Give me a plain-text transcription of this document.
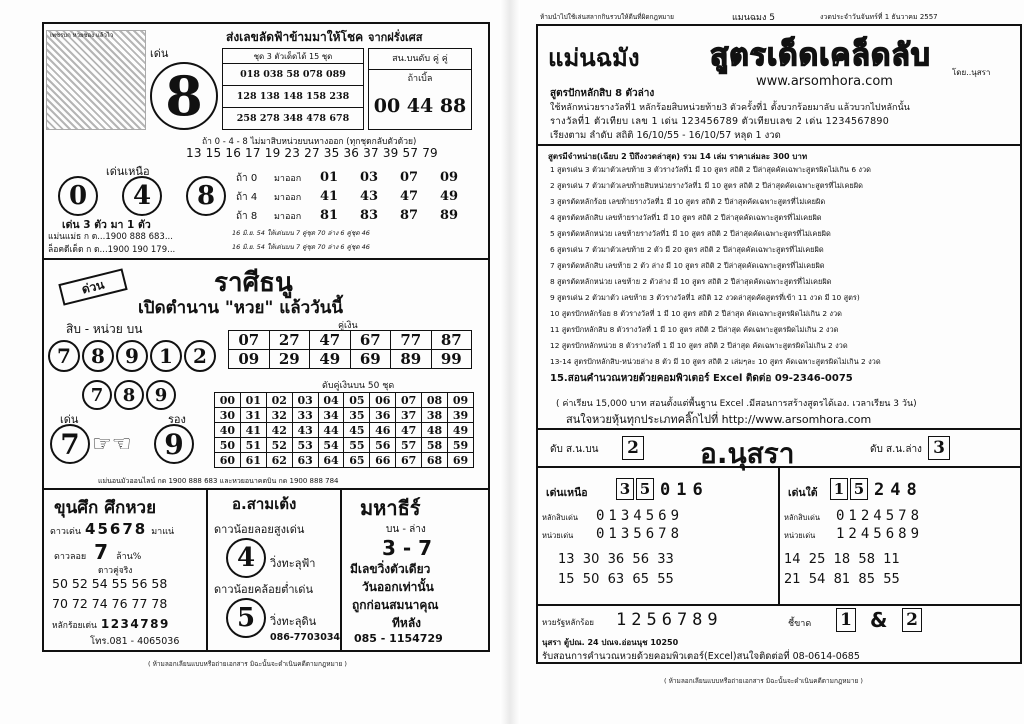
เพชรบก หวยซอง แล้วไว
เด่น
8
ส่งเลขลัดฟ้าข้ามมาให้โชค จากฝรั่งเศส
ชุด 3 ตัวเด็ดได้ 15 ชุด
018 038 58 078 089
128 138 148 158 238
258 278 348 478 678
สน.บนดับ คู่ คู่
ถ้าเบิ้ล
00 44 88
ถ้า 0 - 4 - 8 ไม่มาสิบหน่วยบนหางออก (ทุกชุดกลับตัวด้วย)
13 15 16 17 19 23 27 35 36 37 39 57 79
เด่นเหนือ
0	4	8
ถ้า 0	มาออก	01	03	07	09
ถ้า 4	มาออก	41	43	47	49
ถ้า 8	มาออก	81	83	87	89
เด่น 3 ตัว มา 1 ตัว
แม่นแม่ธ ก ด...1900 888 683...
ล็อคดีเด็ด ก ด...1900 190 179...
16 มิ.ย. 54 ให้เด่นบน 7 คู่ชุด 70 ล่าง 6 คู่ชุด 46
16 มิ.ย. 54 ให้เด่นบน 7 คู่ชุด 70 ล่าง 6 คู่ชุด 46
ด่วน	ราศีธนู
เปิดตำนาน "หวย" แล้ววันนี้
สิบ - หน่วย บน
7	8	9	1	2
7	8	9
คู่เงิน
07	27	47	67	77	87
09	29	49	69	89	99
ดับคู่เงินบน 50 ชุด
00	01	02	03	04	05	06	07	08	09
30	31	32	33	34	35	36	37	38	39
40	41	42	43	44	45	46	47	48	49
50	51	52	53	54	55	56	57	58	59
60	61	62	63	64	65	66	67	68	69
เด่น
7 ☞☜
รอง
9
แม่นอนมัวออนไลน์ กด 1900 888 683 และหวยอนาคตบิน กด 1900 888 784
ขุนศึก ศึกหวย
ดาวเด่น 45678 มาแน่
ดาวลอย 7 ล้าน%
ดาวคู่จริง
50 52 54 55 56 58
70 72 74 76 77 78
หลักร้อยเด่น 1234789
โทร.081 - 4065036
อ.สามเต้ง
ดาวน้อยลอยสูงเด่น
4	วิ่งทะลุฟ้า
ดาวน้อยคล้อยต่ำเด่น
5	วิ่งทะลุดิน
086-7703034
มหาธีร์
บน - ล่าง
3 - 7
มีเลขวิ่งตัวเดียว
วันออกเท่านั้น
ถูกก่อนสมนาคุณ
ทีหลัง
085 - 1154729
( ห้ามลอกเลียนแบบหรือถ่ายเอกสาร มิฉะนั้นจะดำเนินคดีตามกฎหมาย )
ห้ามนำไปใช้เล่นสลากกินรวบให้ดีนที่ผิดกฎหมาย	แมนฉมง 5	งวดประจำวันจันทร์ที่ 1 ธันวาคม 2557
แม่นฉมัง สูตรเด็ดเคล็ดลับ	โดย..นุสรา
www.arsomhora.com
สูตรปักหลักสิบ 8 ตัวล่าง
ใช้หลักหน่วยรางวัลที่1 หลักร้อยสิบหน่วยท้าย3 ตัวครั้งที่1 ตั้งบวกร้อยมาลับ แล้วบวกไปหลักนั้น
รางวัลที่1 ตัวเทียบ เลข 1 เด่น 123456789 ตัวเทียบเลข 2 เด่น 1234567890
เรียงตาม ลำดับ สถิติ 16/10/55 - 16/10/57 หลุด 1 งวด
สูตรมีจำหน่าย(เฉียบ 2 ปีถึงงวดล่าสุด) รวม 14 เล่ม ราคาเล่มละ 300 บาท
1 สูตรเด่น 3 ตัวมาตัวเลขท้าย 3 ตัวรางวัลที่1 มี 10 สูตร สถิติ 2 ปีล่าสุดคัดเฉพาะสูตรผิดไม่เกิน 6 งวด
2 สูตรเด่น 7 ตัวมาตัวเลขท้ายสิบหน่วยรางวัลที่1 มี 10 สูตร สถิติ 2 ปีล่าสุดคัดเฉพาะสูตรที่ไม่เคยผิด
3 สูตรตัดหลักร้อย เลขท้ายรางวัลที่1 มี 10 สูตร สถิติ 2 ปีล่าสุดคัดเฉพาะสูตรที่ไม่เคยผิด
4 สูตรตัดหลักสิบ เลขท้ายรางวัลที่1 มี 10 สูตร สถิติ 2 ปีล่าสุดคัดเฉพาะสูตรที่ไม่เคยผิด
5 สูตรตัดหลักหน่วย เลขท้ายรางวัลที่1 มี 10 สูตร สถิติ 2 ปีล่าสุดคัดเฉพาะสูตรที่ไม่เคยผิด
6 สูตรเด่น 7 ตัวมาตัวเลขท้าย 2 ตัว มี 20 สูตร สถิติ 2 ปีล่าสุดคัดเฉพาะสูตรที่ไม่เคยผิด
7 สูตรตัดหลักสิบ เลขท้าย 2 ตัว ล่าง มี 10 สูตร สถิติ 2 ปีล่าสุดคัดเฉพาะสูตรที่ไม่เคยผิด
8 สูตรตัดหลักหน่วย เลขท้าย 2 ตัวล่าง มี 10 สูตร สถิติ 2 ปีล่าสุดคัดเฉพาะสูตรที่ไม่เคยผิด
9 สูตรเด่น 2 ตัวมาตัว เลขท้าย 3 ตัวรางวัลที่1 สถิติ 12 งวดล่าสุดคัดสูตรที่เข้า 11 งวด มี 10 สูตร)
10 สูตรปักหลักร้อย 8 ตัวรางวัลที่ 1 มี 10 สูตร สถิติ 2 ปีล่าสุด คัดเฉพาะสูตรผิดไม่เกิน 2 งวด
11 สูตรปักหลักสิบ 8 ตัวรางวัลที่ 1 มี 10 สูตร สถิติ 2 ปีล่าสุด คัดเฉพาะสูตรผิดไม่เกิน 2 งวด
12 สูตรปักหลักหน่วย 8 ตัวรางวัลที่ 1 มี 10 สูตร สถิติ 2 ปีล่าสุด คัดเฉพาะสูตรผิดไม่เกิน 2 งวด
13-14 สูตรปักหลักสิบ-หน่วยล่าง 8 ตัว มี 10 สูตร สถิติ 2 เล่มๆละ 10 สูตร คัดเฉพาะสูตรผิดไม่เกิน 2 งวด
15.สอนคำนวณหวยด้วยคอมพิวเตอร์ Excel ติดต่อ 09-2346-0075
( ค่าเรียน 15,000 บาท สอนตั้งแต่พื้นฐาน Excel .มีสอนการสร้างสูตรได้เอง. เวลาเรียน 3 วัน)
สนใจหวยหุ้นทุกประเภทคลิ๊กไปที่ http://www.arsomhora.com
ดับ ส.น.บน 2 อ.นุสรา	ดับ ส.น.ล่าง 3
เด่นเหนือ 3 5 016
หลักสิบเด่น 0134569
หน่วยเด่น 0135678
13  30  36  56  33
15  50  63  65  55
เด่นใต้ 1 5 248
หลักสิบเด่น 0124578
หน่วยเด่น 1245689
14  25  18  58  11
21  54  81  85  55
หวยรัฐหลักร้อย 1256789	ชี้ขาด 1 & 2
นุสรา ตู้ปณ. 24 ปณจ.อ่อนนุช 10250
รับสอนการคำนวณหวยด้วยคอมพิวเตอร์(Excel)สนใจติดต่อที่ 08-0614-0685
( ห้ามลอกเลียนแบบหรือถ่ายเอกสาร มิฉะนั้นจะดำเนินคดีตามกฎหมาย )
